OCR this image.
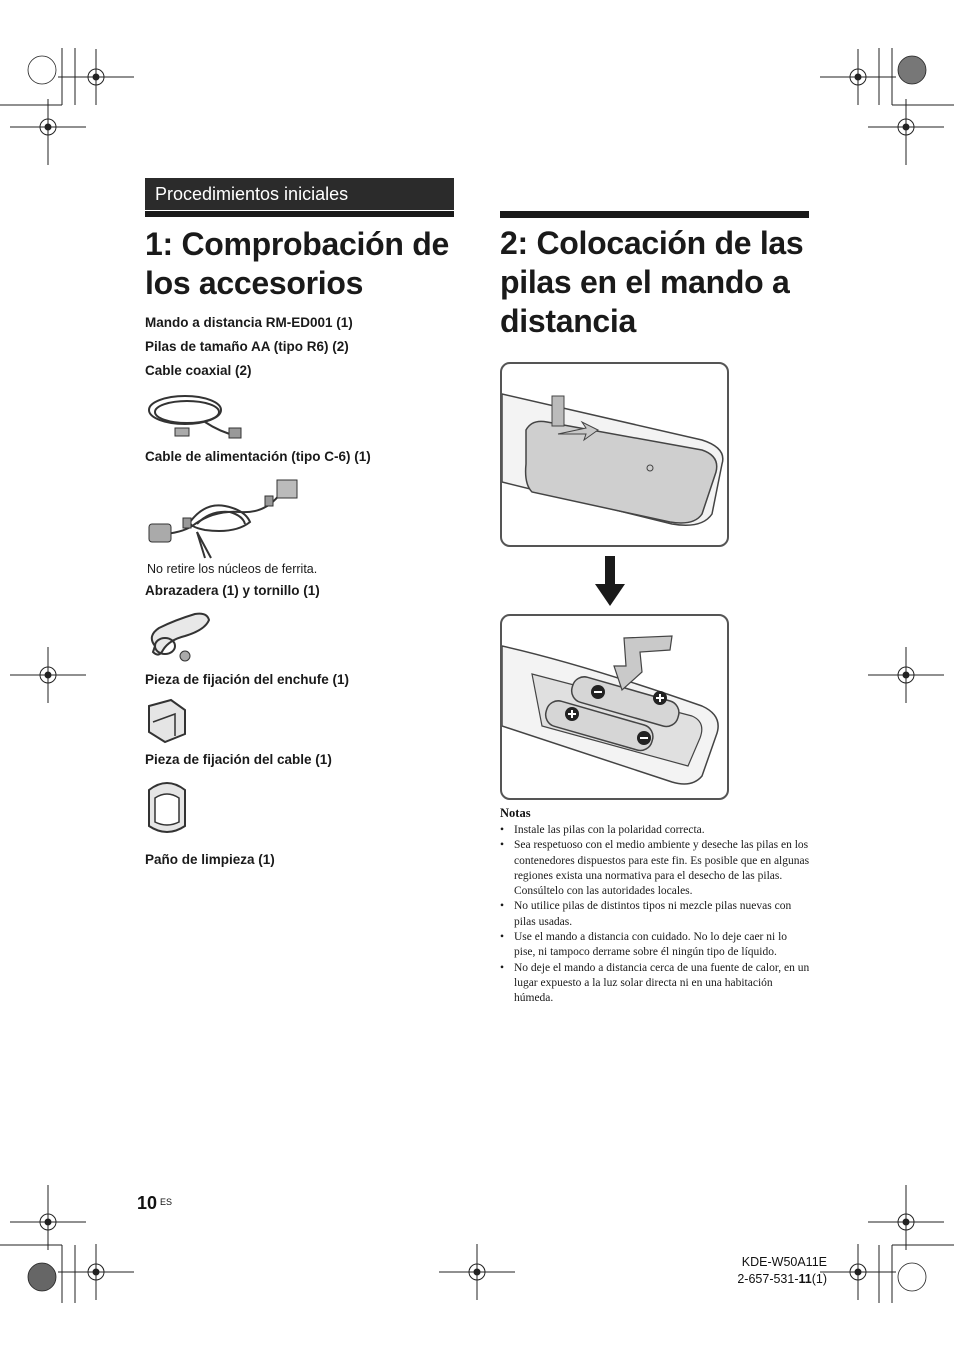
Procedimientos iniciales
1: Comprobación de
los accesorios
Mando a distancia RM-ED001 (1)
Pilas de tamaño AA (tipo R6) (2)
Cable coaxial (2)
Cable de alimentación (tipo C-6) (1)
No retire los núcleos de ferrita.
Abrazadera (1) y tornillo (1)
Pieza de fijación del enchufe (1)
Pieza de fijación del cable (1)
Paño de limpieza (1)
2: Colocación de las
pilas en el mando a
distancia
Notas
• Instale las pilas con la polaridad correcta.
• Sea respetuoso con el medio ambiente y deseche las pilas en los contenedores dispuestos para este fin. Es posible que en algunas regiones exista una normativa para el desecho de las pilas. Consúltelo con las autoridades locales.
• No utilice pilas de distintos tipos ni mezcle pilas nuevas con pilas usadas.
• Use el mando a distancia con cuidado. No lo deje caer ni lo pise, ni tampoco derrame sobre él ningún tipo de líquido.
• No deje el mando a distancia cerca de una fuente de calor, en un lugar expuesto a la luz solar directa ni en una habitación húmeda.
10 ES
KDE-W50A11E
2-657-531-11(1)
